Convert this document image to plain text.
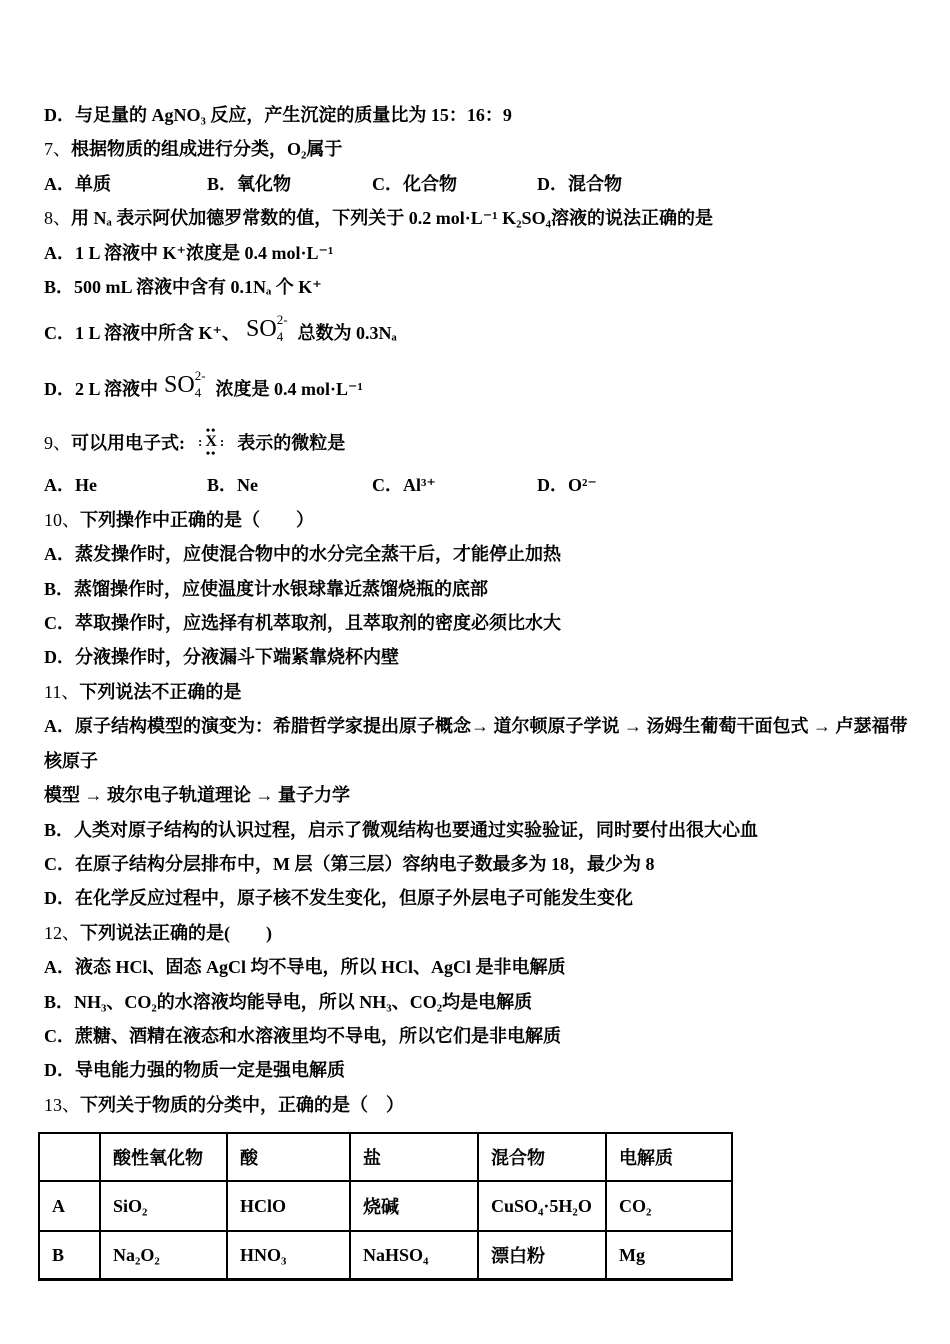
D．与足量的 AgNO₃ 反应，产生沉淀的质量比为 15：16：9

7、根据物质的组成进行分类，O₂属于

A．单质	B．氧化物	C．化合物	D．混合物

8、用 Nₐ 表示阿伏加德罗常数的值，下列关于 0.2 mol·L⁻¹ K₂SO₄溶液的说法正确的是

A．1 L 溶液中 K⁺浓度是 0.4 mol·L⁻¹

B．500 mL 溶液中含有 0.1Nₐ 个 K⁺

C．1 L 溶液中所含 K⁺、 SO 2-
4 总数为 0.3Nₐ

D．2 L 溶液中 SO 2-
4 浓度是 0.4 mol·L⁻¹

9、 可以用电子式:
••
: X :
•• 表示的微粒是

A．He	B．Ne	C．Al³⁺	D．O²⁻

10、下列操作中正确的是（　　）

A．蒸发操作时，应使混合物中的水分完全蒸干后，才能停止加热

B．蒸馏操作时，应使温度计水银球靠近蒸馏烧瓶的底部

C．萃取操作时，应选择有机萃取剂，且萃取剂的密度必须比水大

D．分液操作时，分液漏斗下端紧靠烧杯内壁

11、下列说法不正确的是

A．原子结构模型的演变为：希腊哲学家提出原子概念→ 道尔顿原子学说 → 汤姆生葡萄干面包式 → 卢瑟福带核原子

模型 → 玻尔电子轨道理论 → 量子力学

B．人类对原子结构的认识过程，启示了微观结构也要通过实验验证，同时要付出很大心血

C．在原子结构分层排布中，M 层（第三层）容纳电子数最多为 18，最少为 8

D．在化学反应过程中，原子核不发生变化，但原子外层电子可能发生变化

12、下列说法正确的是(　　)

A．液态 HCl、固态 AgCl 均不导电，所以 HCl、AgCl 是非电解质

B．NH₃、CO₂的水溶液均能导电，所以 NH₃、CO₂均是电解质

C．蔗糖、酒精在液态和水溶液里均不导电，所以它们是非电解质

D．导电能力强的物质一定是强电解质

13、下列关于物质的分类中，正确的是（　）

	酸性氧化物	酸	盐	混合物	电解质
A	SiO₂	HClO	烧碱	CuSO₄·5H₂O	CO₂
B	Na₂O₂	HNO₃	NaHSO₄	漂白粉	Mg
